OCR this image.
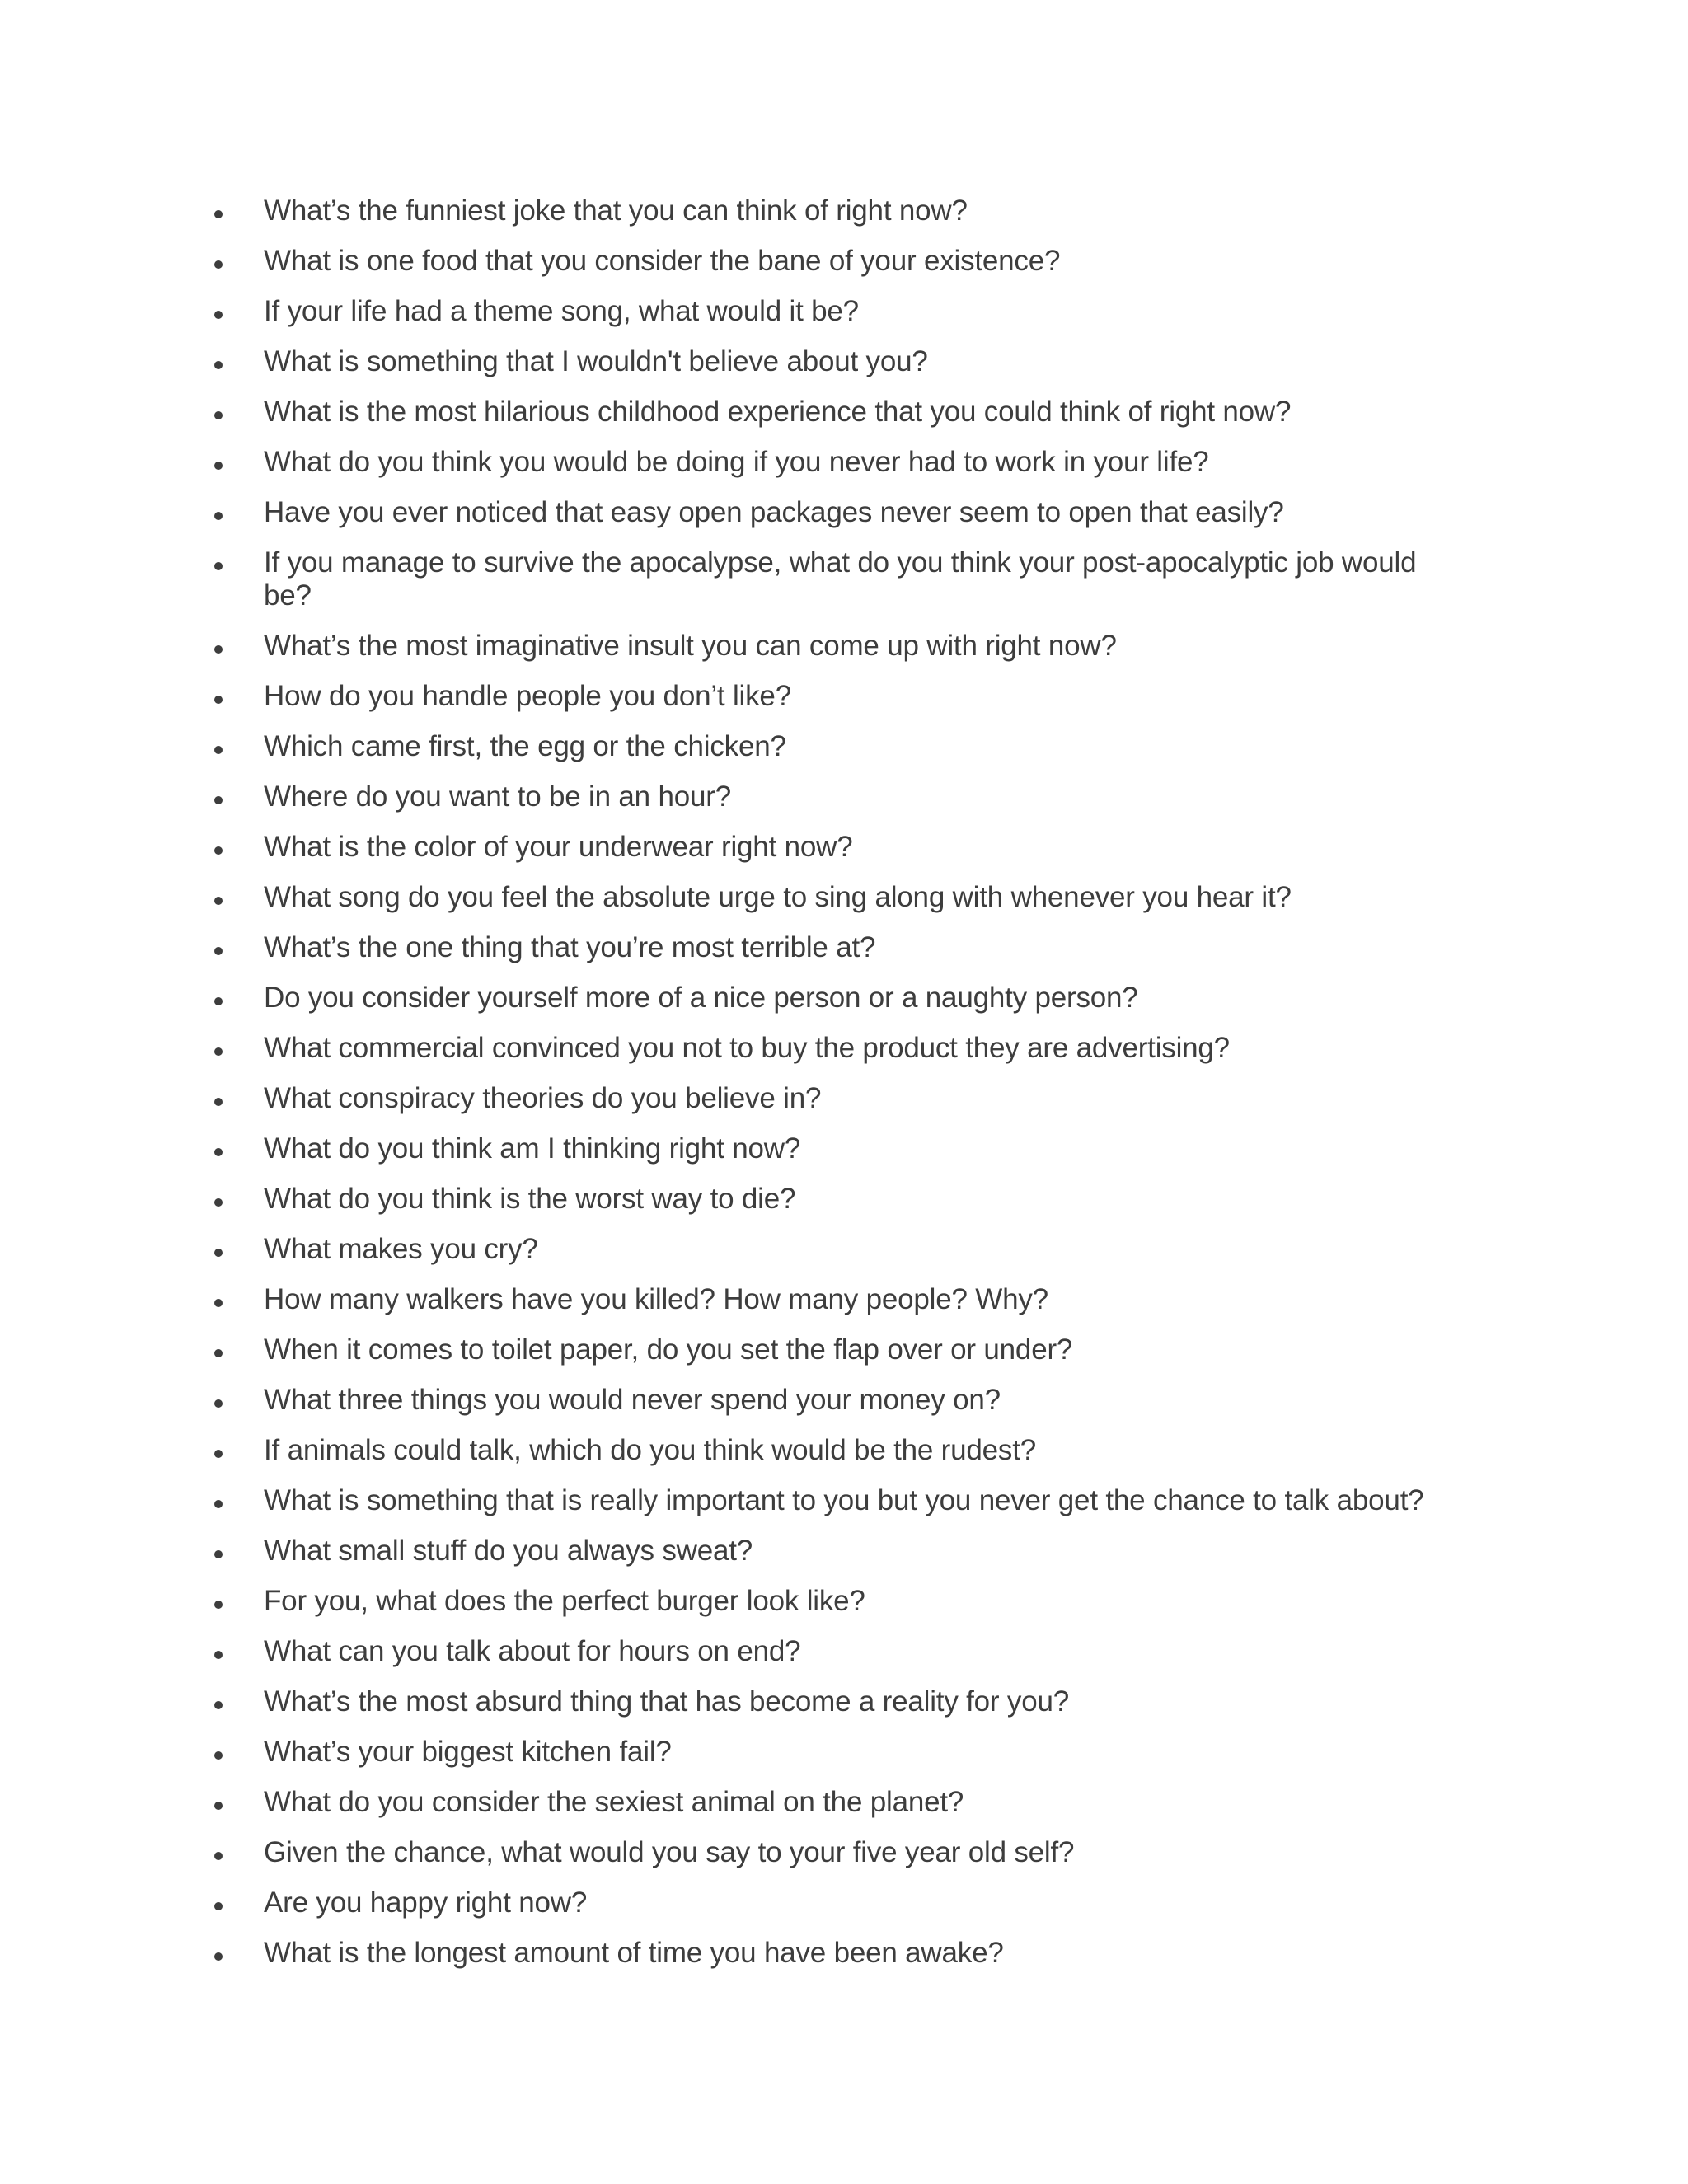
What’s the funniest joke that you can think of right now?
What is one food that you consider the bane of your existence?
If your life had a theme song, what would it be?
What is something that I wouldn't believe about you?
What is the most hilarious childhood experience that you could think of right now?
What do you think you would be doing if you never had to work in your life?
Have you ever noticed that easy open packages never seem to open that easily?
If you manage to survive the apocalypse, what do you think your post-apocalyptic job would be?
What’s the most imaginative insult you can come up with right now?
How do you handle people you don’t like?
Which came first, the egg or the chicken?
Where do you want to be in an hour?
What is the color of your underwear right now?
What song do you feel the absolute urge to sing along with whenever you hear it?
What’s the one thing that you’re most terrible at?
Do you consider yourself more of a nice person or a naughty person?
What commercial convinced you not to buy the product they are advertising?
What conspiracy theories do you believe in?
What do you think am I thinking right now?
What do you think is the worst way to die?
What makes you cry?
How many walkers have you killed? How many people? Why?
When it comes to toilet paper, do you set the flap over or under?
What three things you would never spend your money on?
If animals could talk, which do you think would be the rudest?
What is something that is really important to you but you never get the chance to talk about?
What small stuff do you always sweat?
For you, what does the perfect burger look like?
What can you talk about for hours on end?
What’s the most absurd thing that has become a reality for you?
What’s your biggest kitchen fail?
What do you consider the sexiest animal on the planet?
Given the chance, what would you say to your five year old self?
Are you happy right now?
What is the longest amount of time you have been awake?
